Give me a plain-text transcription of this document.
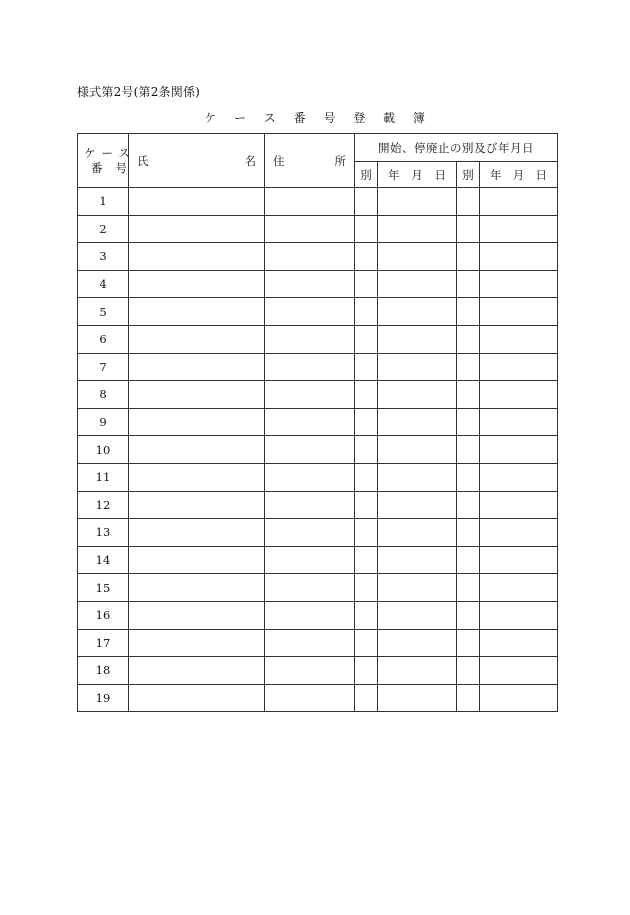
様式第2号(第2条関係)
ケ ー ス 番 号 登 載 簿
ケース
番号	氏 名	住 所	開始、停廃止の別及び年月日			
			別	年 月 日	別	年 月 日

1						
2						
3						
4						
5						
6						
7						
8						
9						
10						
11						
12						
13						
14						
15						
16						
17						
18						
19						
